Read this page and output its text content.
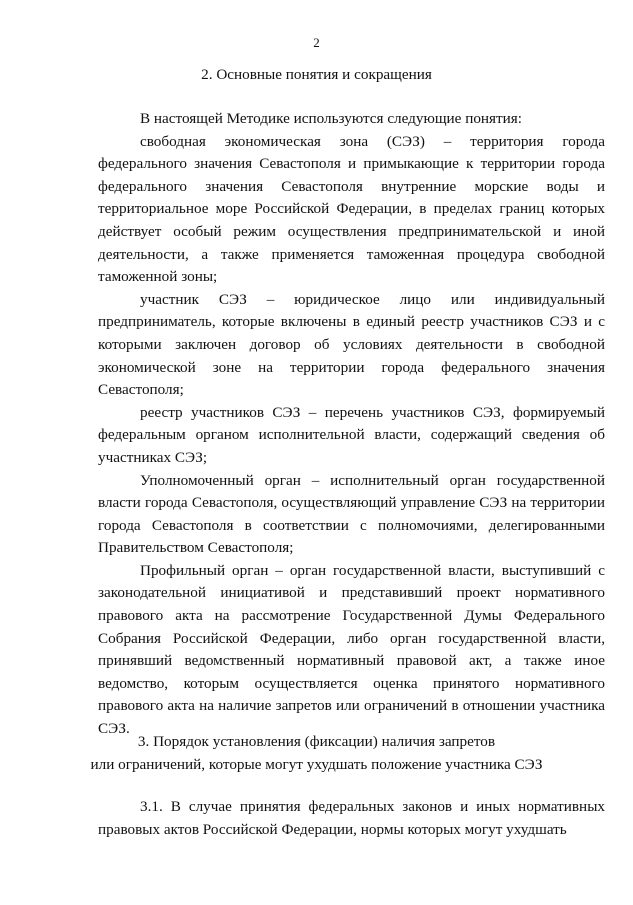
2
2. Основные понятия и сокращения

В настоящей Методике используются следующие понятия:

свободная экономическая зона (СЭЗ) – территория города федерального значения Севастополя и примыкающие к территории города федерального значения Севастополя внутренние морские воды и территориальное море Российской Федерации, в пределах границ которых действует особый режим осуществления предпринимательской и иной деятельности, а также применяется таможенная процедура свободной таможенной зоны;

участник СЭЗ – юридическое лицо или индивидуальный предприниматель, которые включены в единый реестр участников СЭЗ и с которыми заключен договор об условиях деятельности в свободной экономической зоне на территории города федерального значения Севастополя;

реестр участников СЭЗ – перечень участников СЭЗ, формируемый федеральным органом исполнительной власти, содержащий сведения об участниках СЭЗ;

Уполномоченный орган – исполнительный орган государственной власти города Севастополя, осуществляющий управление СЭЗ на территории города Севастополя в соответствии с полномочиями, делегированными Правительством Севастополя;

Профильный орган – орган государственной власти, выступивший с законодательной инициативой и представивший проект нормативного правового акта на рассмотрение Государственной Думы Федерального Собрания Российской Федерации, либо орган государственной власти, принявший ведомственный нормативный правовой акт, а также иное ведомство, которым осуществляется оценка принятого нормативного правового акта на наличие запретов или ограничений в отношении участника СЭЗ.

3. Порядок установления (фиксации) наличия запретов
или ограничений, которые могут ухудшать положение участника СЭЗ

3.1. В случае принятия федеральных законов и иных нормативных правовых актов Российской Федерации, нормы которых могут ухудшать
